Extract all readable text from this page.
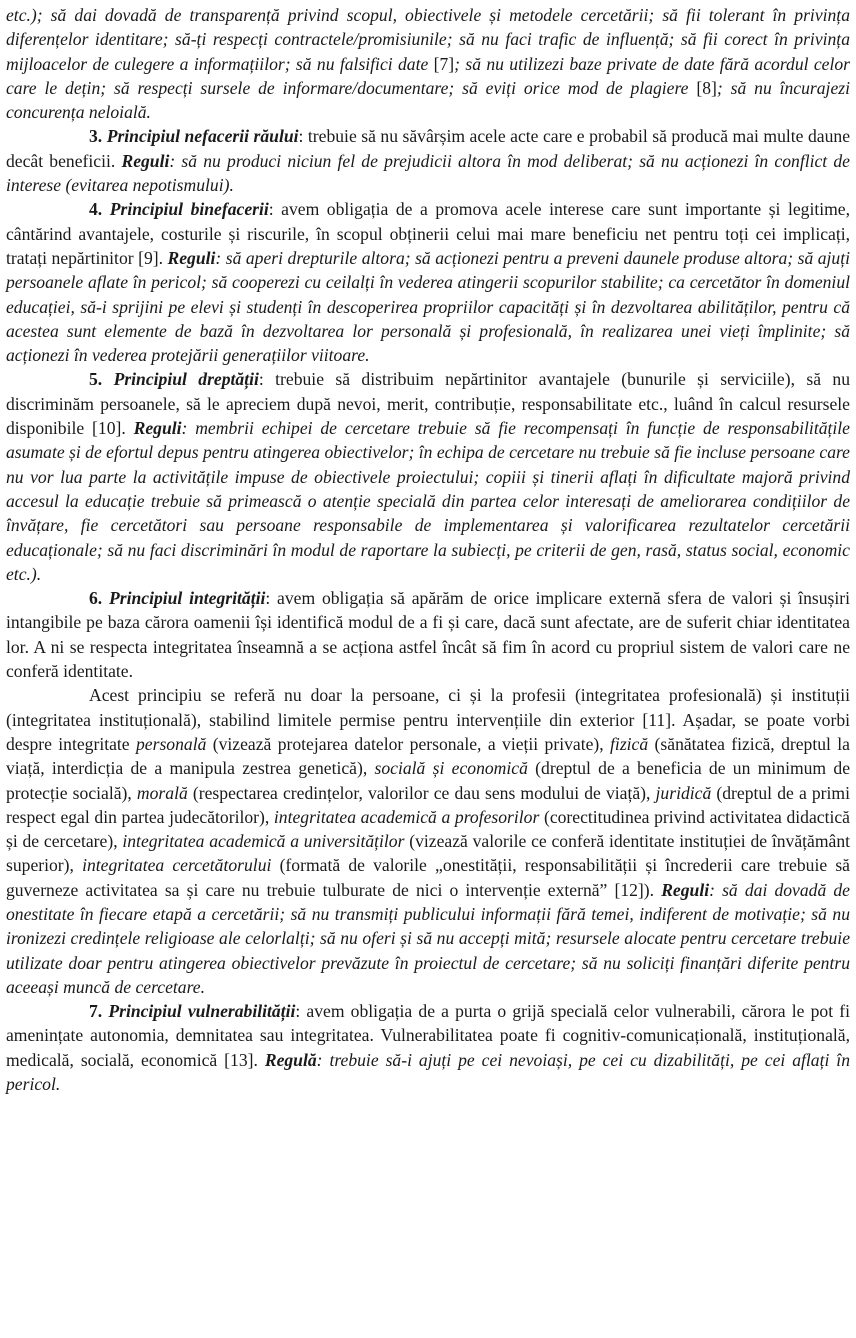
etc.); să dai dovadă de transparență privind scopul, obiectivele și metodele cercetării; să fii tolerant în privința diferențelor identitare; să-ți respecți contractele/promisiunile; să nu faci trafic de influență; să fii corect în privința mijloacelor de culegere a informațiilor; să nu falsifici date [7]; să nu utilizezi baze private de date fără acordul celor care le dețin; să respecți sursele de informare/documentare; să eviți orice mod de plagiere [8]; să nu încurajezi concurența neloială.

3. Principiul nefacerii răului: trebuie să nu săvârșim acele acte care e probabil să producă mai multe daune decât beneficii. Reguli: să nu produci niciun fel de prejudicii altora în mod deliberat; să nu acționezi în conflict de interese (evitarea nepotismului).

4. Principiul binefacerii: avem obligația de a promova acele interese care sunt importante și legitime, cântărind avantajele, costurile și riscurile, în scopul obținerii celui mai mare beneficiu net pentru toți cei implicați, tratați nepărtinitor [9]. Reguli: să aperi drepturile altora; să acționezi pentru a preveni daunele produse altora; să ajuți persoanele aflate în pericol; să cooperezi cu ceilalți în vederea atingerii scopurilor stabilite; ca cercetător în domeniul educației, să-i sprijini pe elevi și studenți în descoperirea propriilor capacități și în dezvoltarea abilităților, pentru că acestea sunt elemente de bază în dezvoltarea lor personală și profesională, în realizarea unei vieți împlinite; să acționezi în vederea protejării generațiilor viitoare.

5. Principiul dreptății: trebuie să distribuim nepărtinitor avantajele (bunurile și serviciile), să nu discriminăm persoanele, să le apreciem după nevoi, merit, contribuție, responsabilitate etc., luând în calcul resursele disponibile [10]. Reguli: membrii echipei de cercetare trebuie să fie recompensați în funcție de responsabilitățile asumate și de efortul depus pentru atingerea obiectivelor; în echipa de cercetare nu trebuie să fie incluse persoane care nu vor lua parte la activitățile impuse de obiectivele proiectului; copiii și tinerii aflați în dificultate majoră privind accesul la educație trebuie să primească o atenție specială din partea celor interesați de ameliorarea condițiilor de învățare, fie cercetători sau persoane responsabile de implementarea și valorificarea rezultatelor cercetării educaționale; să nu faci discriminări în modul de raportare la subiecți, pe criterii de gen, rasă, status social, economic etc.).

6. Principiul integrității: avem obligația să apărăm de orice implicare externă sfera de valori și însușiri intangibile pe baza cărora oamenii își identifică modul de a fi și care, dacă sunt afectate, are de suferit chiar identitatea lor. A ni se respecta integritatea înseamnă a se acționa astfel încât să fim în acord cu propriul sistem de valori care ne conferă identitate.

Acest principiu se referă nu doar la persoane, ci și la profesii (integritatea profesională) și instituții (integritatea instituțională), stabilind limitele permise pentru intervențiile din exterior [11]. Așadar, se poate vorbi despre integritate personală (vizează protejarea datelor personale, a vieții private), fizică (sănătatea fizică, dreptul la viață, interdicția de a manipula zestrea genetică), socială și economică (dreptul de a beneficia de un minimum de protecție socială), morală (respectarea credințelor, valorilor ce dau sens modului de viață), juridică (dreptul de a primi respect egal din partea judecătorilor), integritatea academică a profesorilor (corectitudinea privind activitatea didactică și de cercetare), integritatea academică a universităților (vizează valorile ce conferă identitate instituției de învățământ superior), integritatea cercetătorului (formată de valorile „onestității, responsabilității și încrederii care trebuie să guverneze activitatea sa și care nu trebuie tulburate de nici o intervenție externă” [12]). Reguli: să dai dovadă de onestitate în fiecare etapă a cercetării; să nu transmiți publicului informații fără temei, indiferent de motivație; să nu ironizezi credințele religioase ale celorlalți; să nu oferi și să nu accepți mită; resursele alocate pentru cercetare trebuie utilizate doar pentru atingerea obiectivelor prevăzute în proiectul de cercetare; să nu soliciți finanțări diferite pentru aceeași muncă de cercetare.

7. Principiul vulnerabilității: avem obligația de a purta o grijă specială celor vulnerabili, cărora le pot fi amenințate autonomia, demnitatea sau integritatea. Vulnerabilitatea poate fi cognitiv-comunicațională, instituțională, medicală, socială, economică [13]. Regulă: trebuie să-i ajuți pe cei nevoiași, pe cei cu dizabilități, pe cei aflați în pericol.
